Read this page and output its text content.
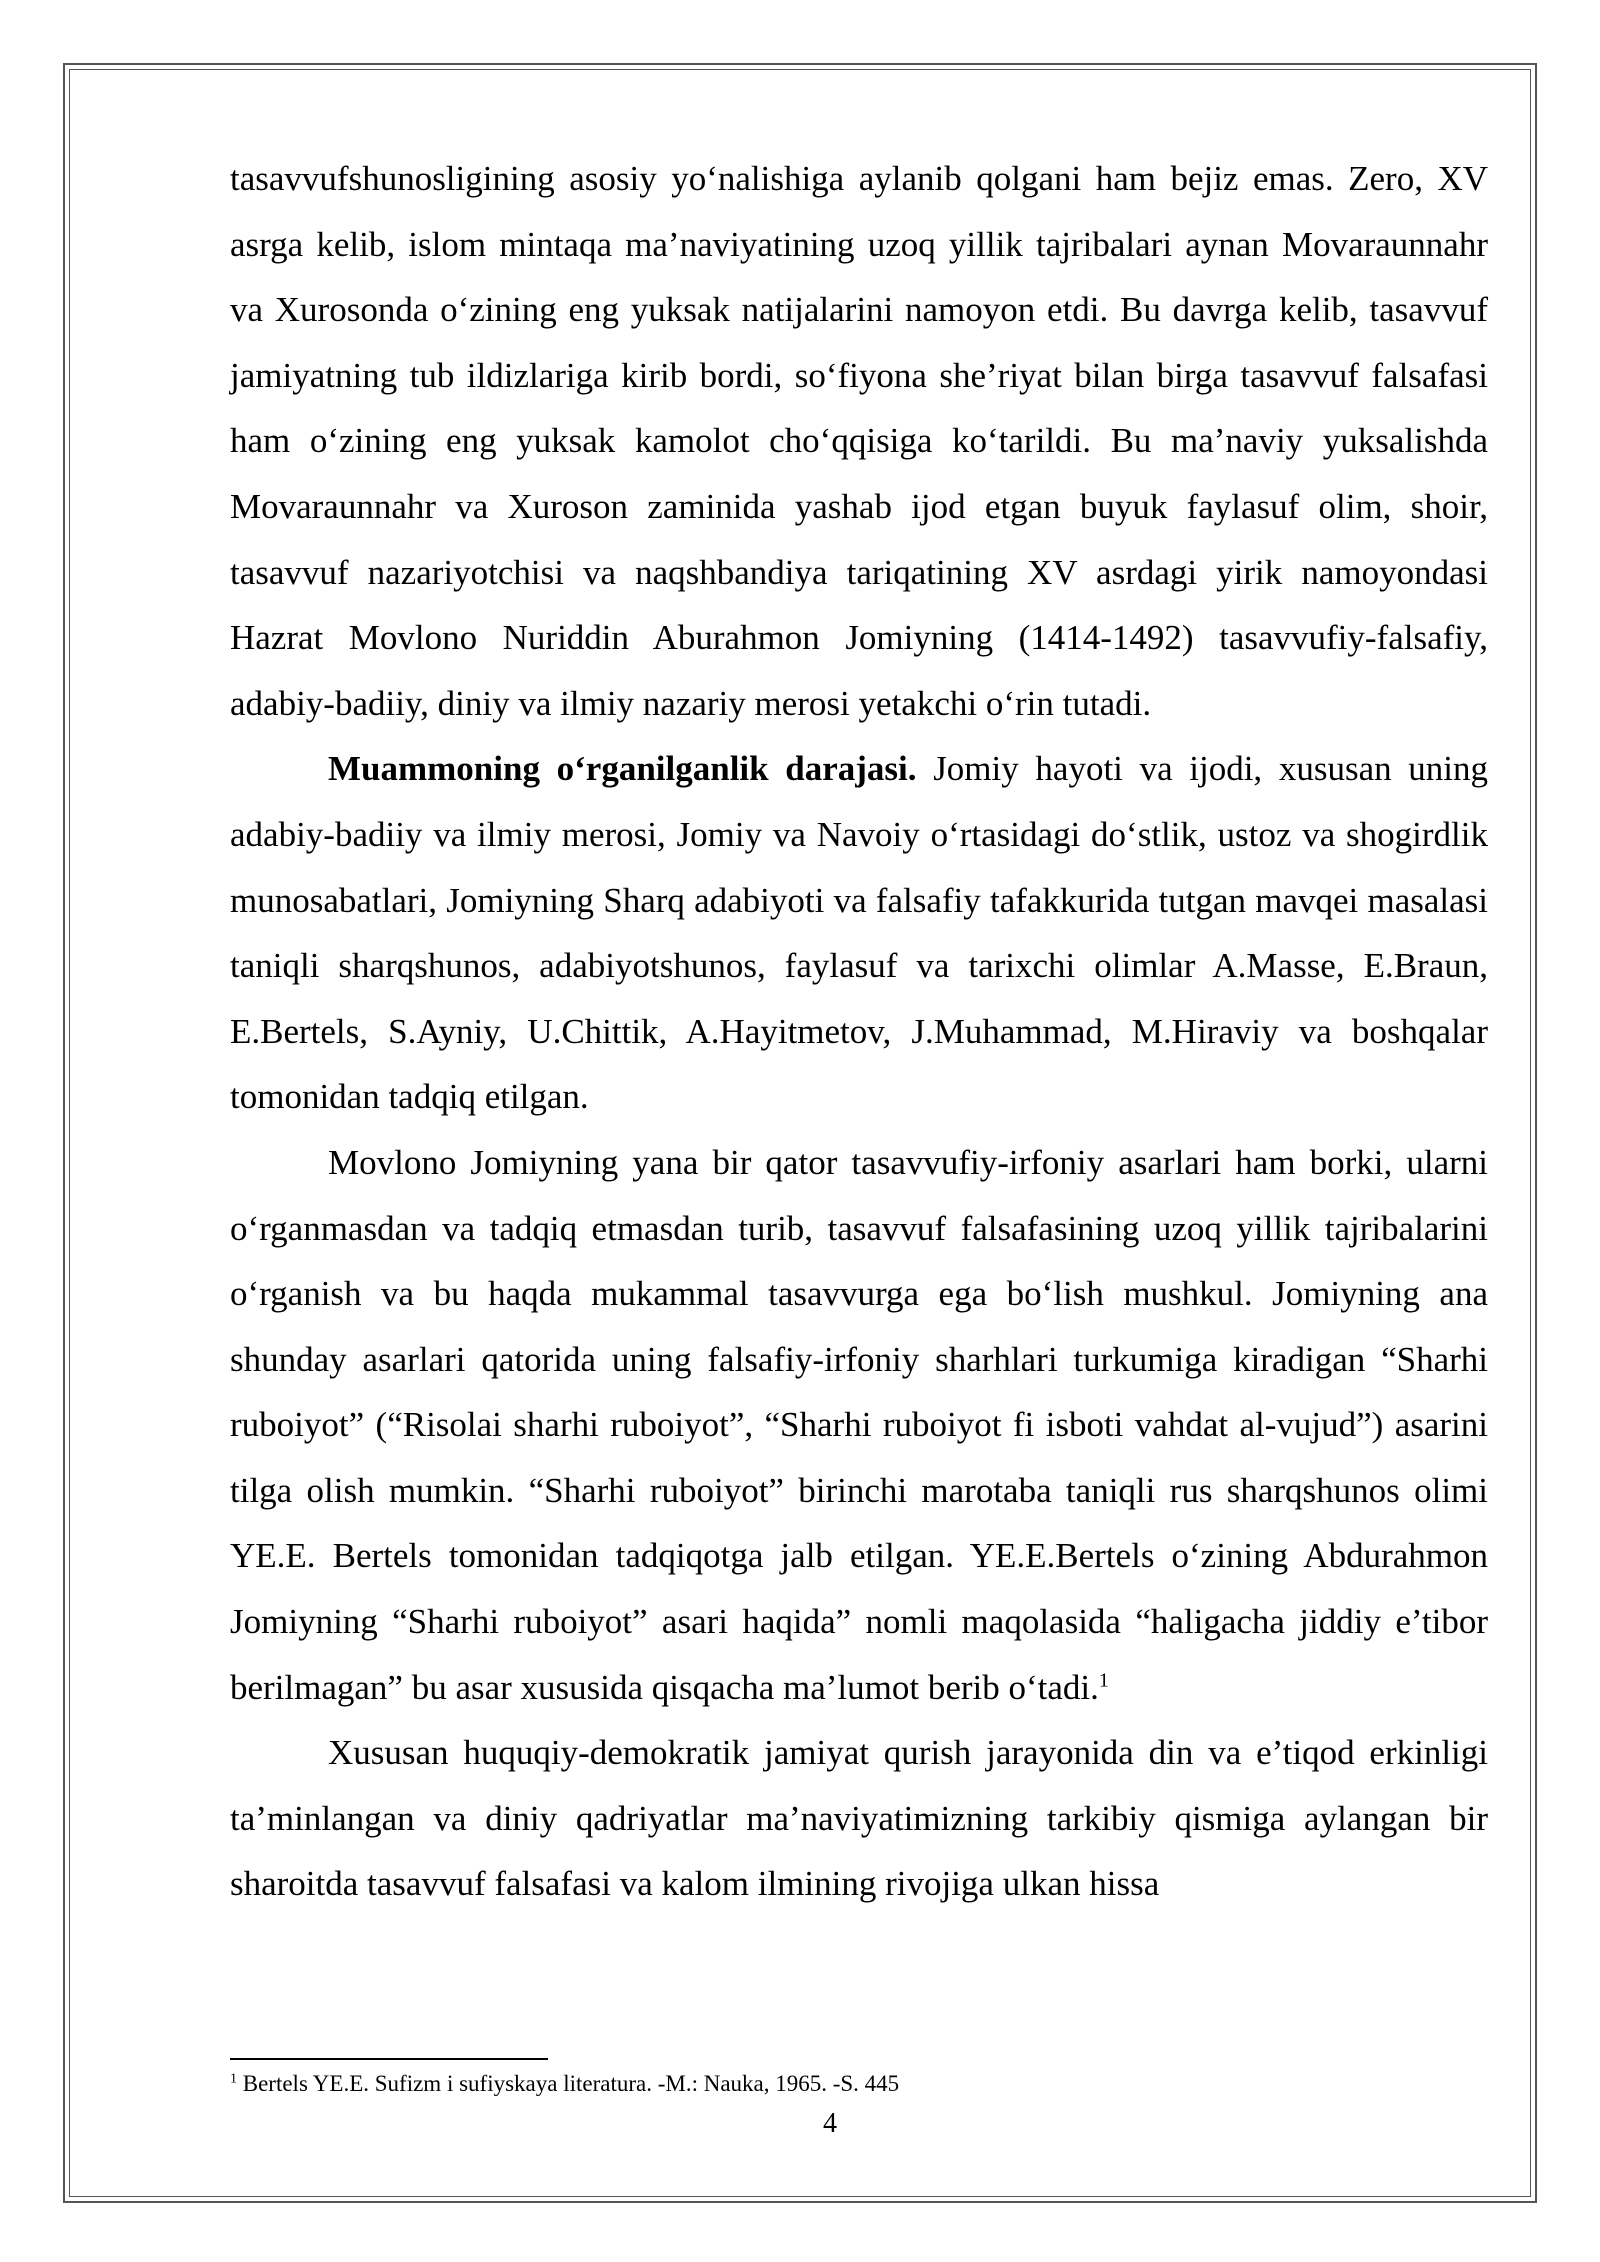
tasavvufshunosligining asosiy yo‘nalishiga aylanib qolgani ham bejiz emas. Zero, XV asrga kelib, islom mintaqa ma’naviyatining uzoq yillik tajribalari aynan Movaraunnahr va Xurosonda o‘zining eng yuksak natijalarini namoyon etdi. Bu davrga kelib, tasavvuf jamiyatning tub ildizlariga kirib bordi, so‘fiyona she’riyat bilan birga tasavvuf falsafasi ham o‘zining eng yuksak kamolot cho‘qqisiga ko‘tarildi. Bu ma’naviy yuksalishda Movaraunnahr va Xuroson zaminida yashab ijod etgan buyuk faylasuf olim, shoir, tasavvuf nazariyotchisi va naqshbandiya tariqatining XV asrdagi yirik namoyondasi Hazrat Movlono Nuriddin Aburahmon Jomiyning (1414-1492) tasavvufiy-falsafiy, adabiy-badiiy, diniy va ilmiy nazariy merosi yetakchi o‘rin tutadi.

Muammoning o‘rganilganlik darajasi. Jomiy hayoti va ijodi, xususan uning adabiy-badiiy va ilmiy merosi, Jomiy va Navoiy o‘rtasidagi do‘stlik, ustoz va shogirdlik munosabatlari, Jomiyning Sharq adabiyoti va falsafiy tafakkurida tutgan mavqei masalasi taniqli sharqshunos, adabiyotshunos, faylasuf va tarixchi olimlar A.Masse, E.Braun, E.Bertels, S.Ayniy, U.Chittik, A.Hayitmetov, J.Muhammad, M.Hiraviy va boshqalar tomonidan tadqiq etilgan.

Movlono Jomiyning yana bir qator tasavvufiy-irfoniy asarlari ham borki, ularni o‘rganmasdan va tadqiq etmasdan turib, tasavvuf falsafasining uzoq yillik tajribalarini o‘rganish va bu haqda mukammal tasavvurga ega bo‘lish mushkul. Jomiyning ana shunday asarlari qatorida uning falsafiy-irfoniy sharhlari turkumiga kiradigan “Sharhi ruboiyot” (“Risolai sharhi ruboiyot”, “Sharhi ruboiyot fi isboti vahdat al-vujud”) asarini tilga olish mumkin. “Sharhi ruboiyot” birinchi marotaba taniqli rus sharqshunos olimi YE.E. Bertels tomonidan tadqiqotga jalb etilgan. YE.E.Bertels o‘zining Abdurahmon Jomiyning “Sharhi ruboiyot” asari haqida” nomli maqolasida “haligacha jiddiy e’tibor berilmagan” bu asar xususida qisqacha ma’lumot berib o‘tadi.$^1$

Xususan huquqiy-demokratik jamiyat qurish jarayonida din va e’tiqod erkinligi ta’minlangan va diniy qadriyatlar ma’naviyatimizning tarkibiy qismiga aylangan bir sharoitda tasavvuf falsafasi va kalom ilmining rivojiga ulkan hissa

$^1$ Bertels YE.E. Sufizm i sufiyskaya literatura. -M.: Nauka, 1965. -S. 445
4
